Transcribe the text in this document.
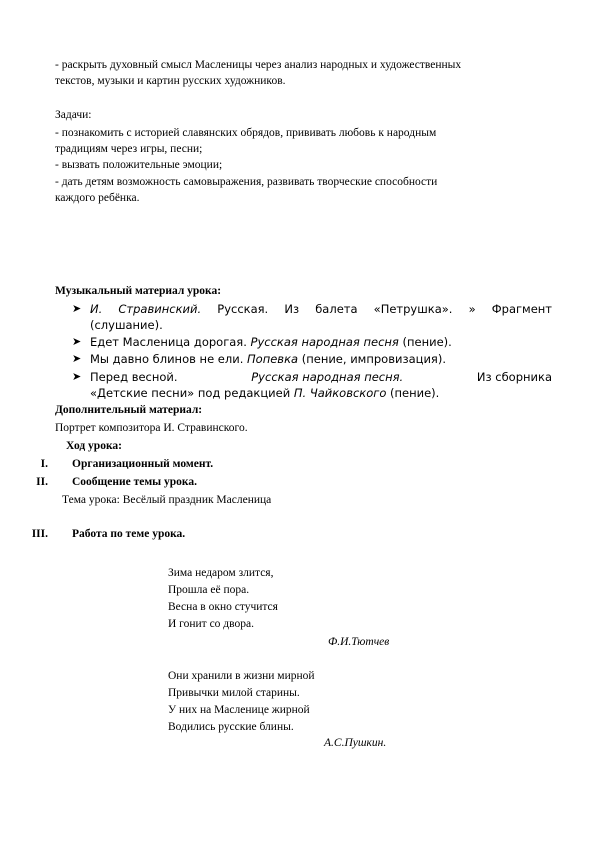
- раскрыть духовный смысл Масленицы через анализ народных и художественных
текстов, музыки и картин русских художников.
Задачи:
- познакомить с историей славянских обрядов, прививать любовь к народным
традициям через игры, песни;
- вызвать положительные эмоции;
- дать детям возможность самовыражения, развивать творческие способности
каждого ребёнка.
Музыкальный материал урока:
➤ И. Стравинский. Русская. Из балета «Петрушка». » Фрагмент
(слушание).
➤ Едет Масленица дорогая. Русская народная песня (пение).
➤ Мы давно блинов не ели. Попевка (пение, импровизация).
➤ Перед весной.	Русская народная песня.	Из сборника
«Детские песни» под редакцией П. Чайковского (пение).
Дополнительный материал:
Портрет композитора И. Стравинского.
Ход урока:
I. Организационный момент.
II. Сообщение темы урока.
Тема урока: Весёлый праздник Масленица
III. Работа по теме урока.
Зима недаром злится,
Прошла её пора.
Весна в окно стучится
И гонит со двора.
Ф.И.Тютчев
Они хранили в жизни мирной
Привычки милой старины.
У них на Масленице жирной
Водились русские блины.
А.С.Пушкин.
